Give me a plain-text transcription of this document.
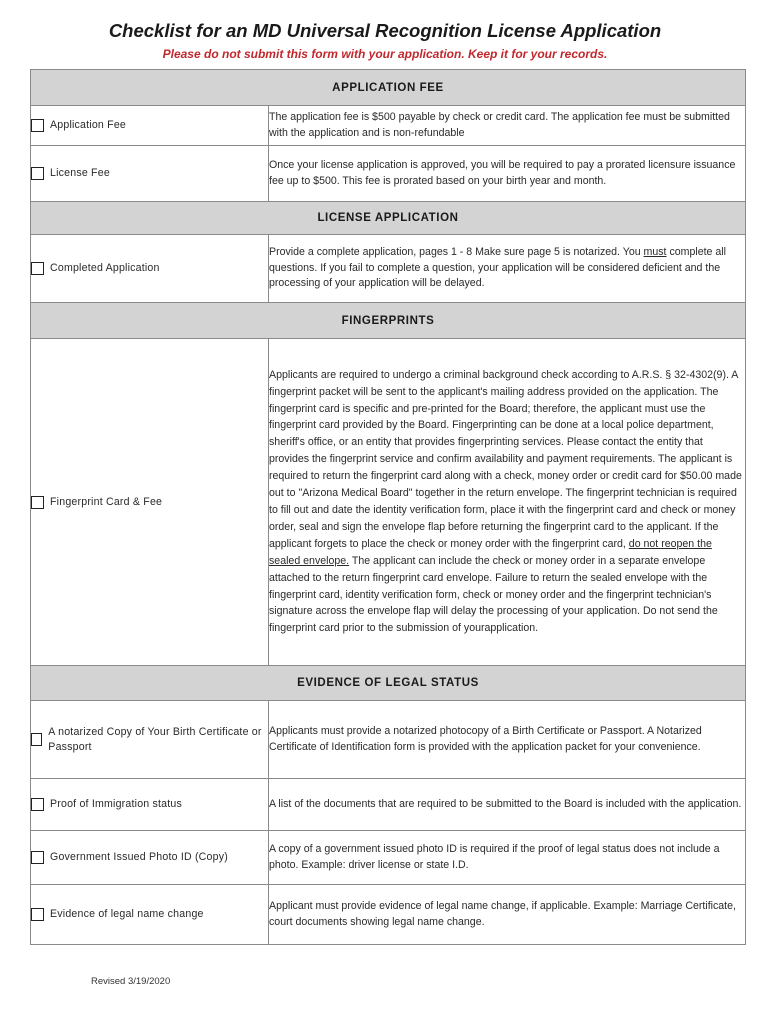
Checklist for an MD Universal Recognition License Application
Please do not submit this form with your application. Keep it for your records.
APPLICATION FEE	

Application Fee	The application fee is $500 payable by check or credit card. The application fee must be submitted with the application and is non-refundable

License Fee	Once your license application is approved, you will be required to pay a prorated licensure issuance fee up to $500. This fee is prorated based on your birth year and month.
LICENSE APPLICATION	

Completed Application	Provide a complete application, pages 1 - 8 Make sure page 5 is notarized. You must complete all questions. If you fail to complete a question, your application will be considered deficient and the processing of your application will be delayed.
FINGERPRINTS	

Fingerprint Card & Fee	Applicants are required to undergo a criminal background check according to A.R.S. § 32-4302(9). A fingerprint packet will be sent to the applicant's mailing address provided on the application. The fingerprint card is specific and pre-printed for the Board; therefore, the applicant must use the fingerprint card provided by the Board. Fingerprinting can be done at a local police department, sheriff's office, or an entity that provides fingerprinting services. Please contact the entity that provides the fingerprint service and confirm availability and payment requirements. The applicant is required to return the fingerprint card along with a check, money order or credit card for $50.00 made out to "Arizona Medical Board" together in the return envelope. The fingerprint technician is required to fill out and date the identity verification form, place it with the fingerprint card and check or money order, seal and sign the envelope flap before returning the fingerprint card to the applicant. If the applicant forgets to place the check or money order with the fingerprint card, do not reopen the sealed envelope. The applicant can include the check or money order in a separate envelope attached to the return fingerprint card envelope. Failure to return the sealed envelope with the fingerprint card, identity verification form, check or money order and the fingerprint technician's signature across the envelope flap will delay the processing of your application. Do not send the fingerprint card prior to the submission of yourapplication.
EVIDENCE OF LEGAL STATUS	

A notarized Copy of Your Birth Certificate or Passport	Applicants must provide a notarized photocopy of a Birth Certificate or Passport. A Notarized Certificate of Identification form is provided with the application packet for your convenience.

Proof of Immigration status	A list of the documents that are required to be submitted to the Board is included with the application.

Government Issued Photo ID (Copy)	A copy of a government issued photo ID is required if the proof of legal status does not include a photo. Example: driver license or state I.D.

Evidence of legal name change	Applicant must provide evidence of legal name change, if applicable. Example: Marriage Certificate, court documents showing legal name change.
Revised 3/19/2020
